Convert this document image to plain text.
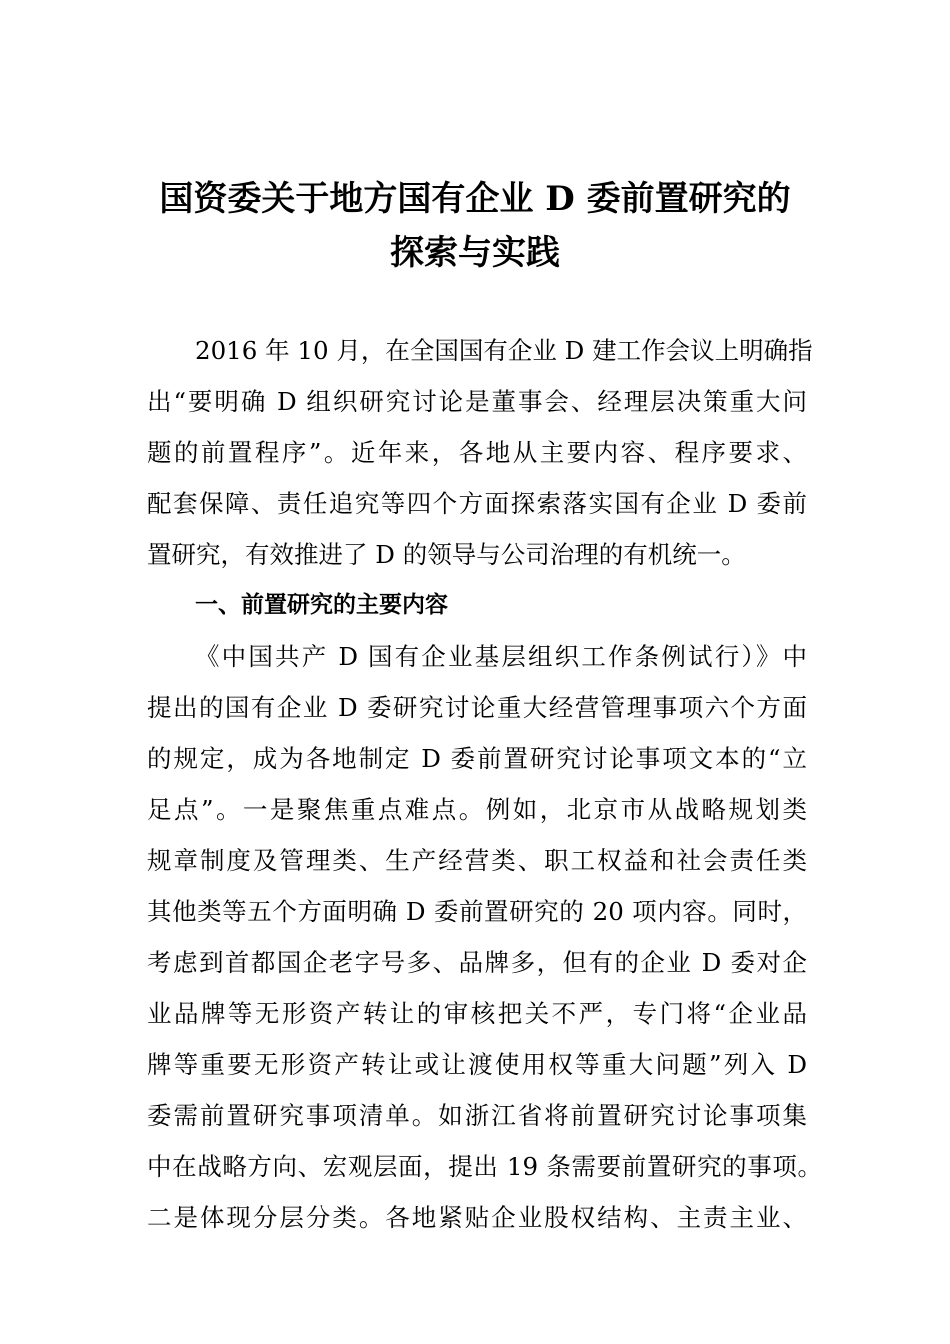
国资委关于地方国有企业 D 委前置研究的
探索与实践
2016 年 10 月，在全国国有企业 D 建工作会议上明确指
出“要明确 D 组织研究讨论是董事会、经理层决策重大问
题的前置程序”。近年来，各地从主要内容、程序要求、
配套保障、责任追究等四个方面探索落实国有企业 D 委前
置研究，有效推进了 D 的领导与公司治理的有机统一。
一、前置研究的主要内容
《中国共产 D 国有企业基层组织工作条例试行）》中
提出的国有企业 D 委研究讨论重大经营管理事项六个方面
的规定，成为各地制定 D 委前置研究讨论事项文本的“立
足点”。一是聚焦重点难点。例如，北京市从战略规划类
规章制度及管理类、生产经营类、职工权益和社会责任类
其他类等五个方面明确 D 委前置研究的 20 项内容。同时，
考虑到首都国企老字号多、品牌多，但有的企业 D 委对企
业品牌等无形资产转让的审核把关不严，专门将“企业品
牌等重要无形资产转让或让渡使用权等重大问题”列入 D
委需前置研究事项清单。如浙江省将前置研究讨论事项集
中在战略方向、宏观层面，提出 19 条需要前置研究的事项。
二是体现分层分类。各地紧贴企业股权结构、主责主业、
